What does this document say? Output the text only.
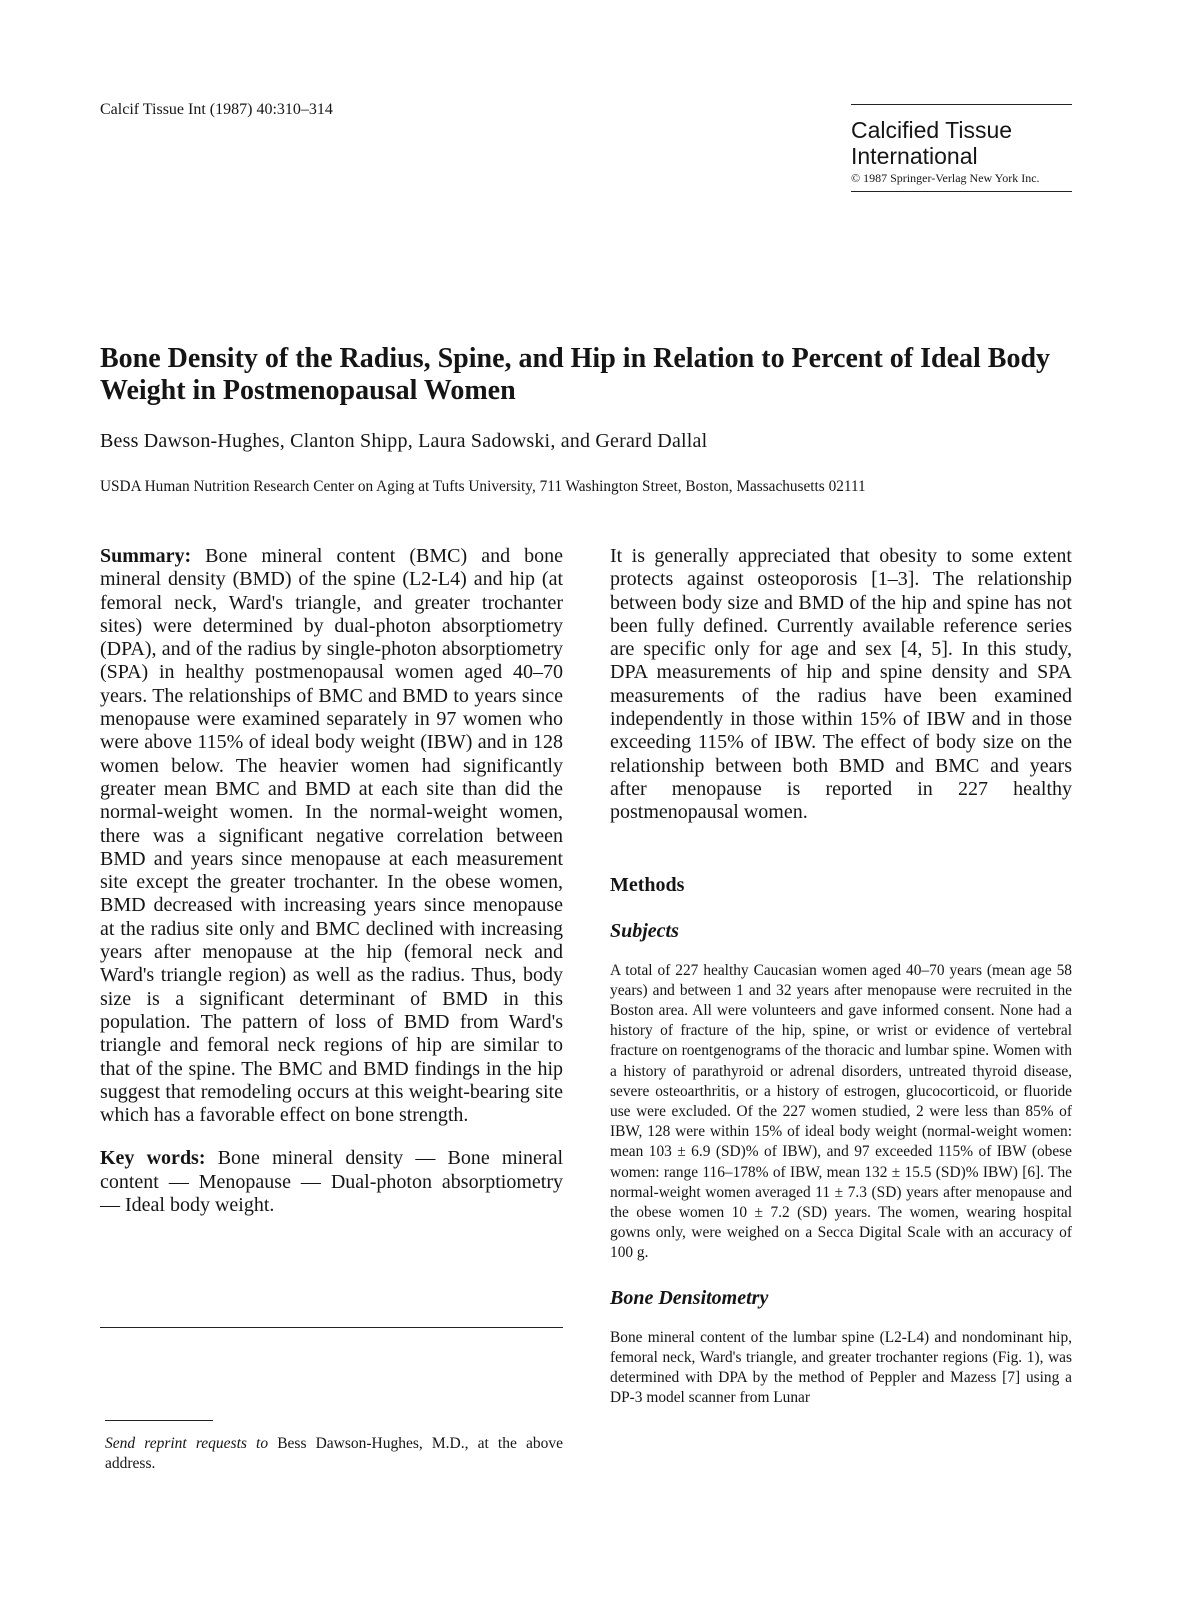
Calcif Tissue Int (1987) 40:310–314
Calcified Tissue
International
© 1987 Springer-Verlag New York Inc.
Bone Density of the Radius, Spine, and Hip in Relation to Percent of Ideal Body Weight in Postmenopausal Women
Bess Dawson-Hughes, Clanton Shipp, Laura Sadowski, and Gerard Dallal
USDA Human Nutrition Research Center on Aging at Tufts University, 711 Washington Street, Boston, Massachusetts 02111

Summary: Bone mineral content (BMC) and bone mineral density (BMD) of the spine (L2-L4) and hip (at femoral neck, Ward's triangle, and greater trochanter sites) were determined by dual-photon absorptiometry (DPA), and of the radius by single-photon absorptiometry (SPA) in healthy postmenopausal women aged 40–70 years. The relationships of BMC and BMD to years since menopause were examined separately in 97 women who were above 115% of ideal body weight (IBW) and in 128 women below. The heavier women had significantly greater mean BMC and BMD at each site than did the normal-weight women. In the normal-weight women, there was a significant negative correlation between BMD and years since menopause at each measurement site except the greater trochanter. In the obese women, BMD decreased with increasing years since menopause at the radius site only and BMC declined with increasing years after menopause at the hip (femoral neck and Ward's triangle region) as well as the radius. Thus, body size is a significant determinant of BMD in this population. The pattern of loss of BMD from Ward's triangle and femoral neck regions of hip are similar to that of the spine. The BMC and BMD findings in the hip suggest that remodeling occurs at this weight-bearing site which has a favorable effect on bone strength.

Key words: Bone mineral density — Bone mineral content — Menopause — Dual-photon absorptiometry — Ideal body weight.

Send reprint requests to Bess Dawson-Hughes, M.D., at the above address.

It is generally appreciated that obesity to some extent protects against osteoporosis [1–3]. The relationship between body size and BMD of the hip and spine has not been fully defined. Currently available reference series are specific only for age and sex [4, 5]. In this study, DPA measurements of hip and spine density and SPA measurements of the radius have been examined independently in those within 15% of IBW and in those exceeding 115% of IBW. The effect of body size on the relationship between both BMD and BMC and years after menopause is reported in 227 healthy postmenopausal women.

Methods
Subjects

A total of 227 healthy Caucasian women aged 40–70 years (mean age 58 years) and between 1 and 32 years after menopause were recruited in the Boston area. All were volunteers and gave informed consent. None had a history of fracture of the hip, spine, or wrist or evidence of vertebral fracture on roentgenograms of the thoracic and lumbar spine. Women with a history of parathyroid or adrenal disorders, untreated thyroid disease, severe osteoarthritis, or a history of estrogen, glucocorticoid, or fluoride use were excluded. Of the 227 women studied, 2 were less than 85% of IBW, 128 were within 15% of ideal body weight (normal-weight women: mean 103 ± 6.9 (SD)% of IBW), and 97 exceeded 115% of IBW (obese women: range 116–178% of IBW, mean 132 ± 15.5 (SD)% IBW) [6]. The normal-weight women averaged 11 ± 7.3 (SD) years after menopause and the obese women 10 ± 7.2 (SD) years. The women, wearing hospital gowns only, were weighed on a Secca Digital Scale with an accuracy of 100 g.

Bone Densitometry

Bone mineral content of the lumbar spine (L2-L4) and nondominant hip, femoral neck, Ward's triangle, and greater trochanter regions (Fig. 1), was determined with DPA by the method of Peppler and Mazess [7] using a DP-3 model scanner from Lunar
